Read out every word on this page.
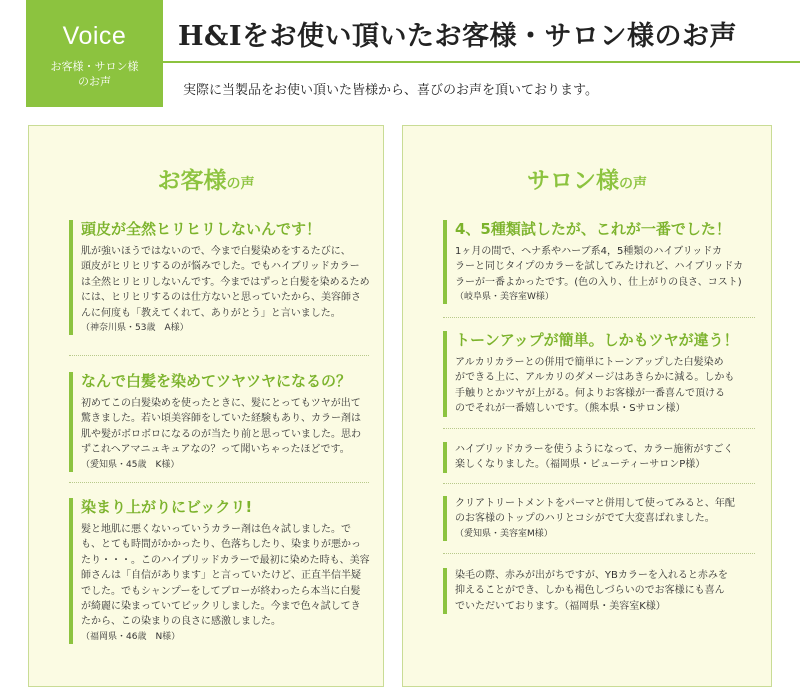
Voice
お客様・サロン様
のお声
H&Iをお使い頂いたお客様・サロン様のお声

実際に当製品をお使い頂いた皆様から、喜びのお声を頂いております。

お客様の声
頭皮が全然ヒリヒリしないんです！
肌が強いほうではないので、今まで白髪染めをするたびに、
頭皮がヒリヒリするのが悩みでした。でもハイブリッドカラー
は全然ヒリヒリしないんです。今まではずっと白髪を染めるため
には、ヒリヒリするのは仕方ないと思っていたから、美容師さ
んに何度も「教えてくれて、ありがとう」と言いました。
（神奈川県・53歳　A様）
なんで白髪を染めてツヤツヤになるの？
初めてこの白髪染めを使ったときに、髪にとってもツヤが出て
驚きました。若い頃美容師をしていた経験もあり、カラー剤は
肌や髪がボロボロになるのが当たり前と思っていました。思わ
ずこれヘアマニュキュアなの？って聞いちゃったほどです。
（愛知県・45歳　K様）
染まり上がりにビックリ!
髪と地肌に悪くないっていうカラー剤は色々試しました。で
も、とても時間がかかったり、色落ちしたり、染まりが悪かっ
たり・・・。このハイブリッドカラーで最初に染めた時も、美容
師さんは「自信があります」と言っていたけど、正直半信半疑
でした。でもシャンプーをしてブローが終わったら本当に白髪
が綺麗に染まっていてビックリしました。今まで色々試してき
たから、この染まりの良さに感激しました。
（福岡県・46歳　N様）
サロン様の声
4、5種類試したが、これが一番でした！
1ヶ月の間で、ヘナ系やハーブ系4，5種類のハイブリッドカ
ラーと同じタイプのカラーを試してみたけれど、ハイブリッドカ
ラーが一番よかったです。(色の入り、仕上がりの良さ、コスト)
（岐阜県・美容室W様）
トーンアップが簡単。しかもツヤが違う！
アルカリカラーとの併用で簡単にトーンアップした白髪染め
ができる上に、アルカリのダメージはあきらかに減る。しかも
手触りとかツヤが上がる。何よりお客様が一番喜んで頂ける
のでそれが一番嬉しいです。（熊本県・Sサロン様）
ハイブリッドカラーを使うようになって、カラー施術がすごく
楽しくなりました。（福岡県・ビューティーサロンP様）
クリアトリートメントをパーマと併用して使ってみると、年配
のお客様のトップのハリとコシがでて大変喜ばれました。
（愛知県・美容室M様）
染毛の際、赤みが出がちですが、YBカラーを入れると赤みを
抑えることができ、しかも褐色しづらいのでお客様にも喜ん
でいただいております。（福岡県・美容室K様）
